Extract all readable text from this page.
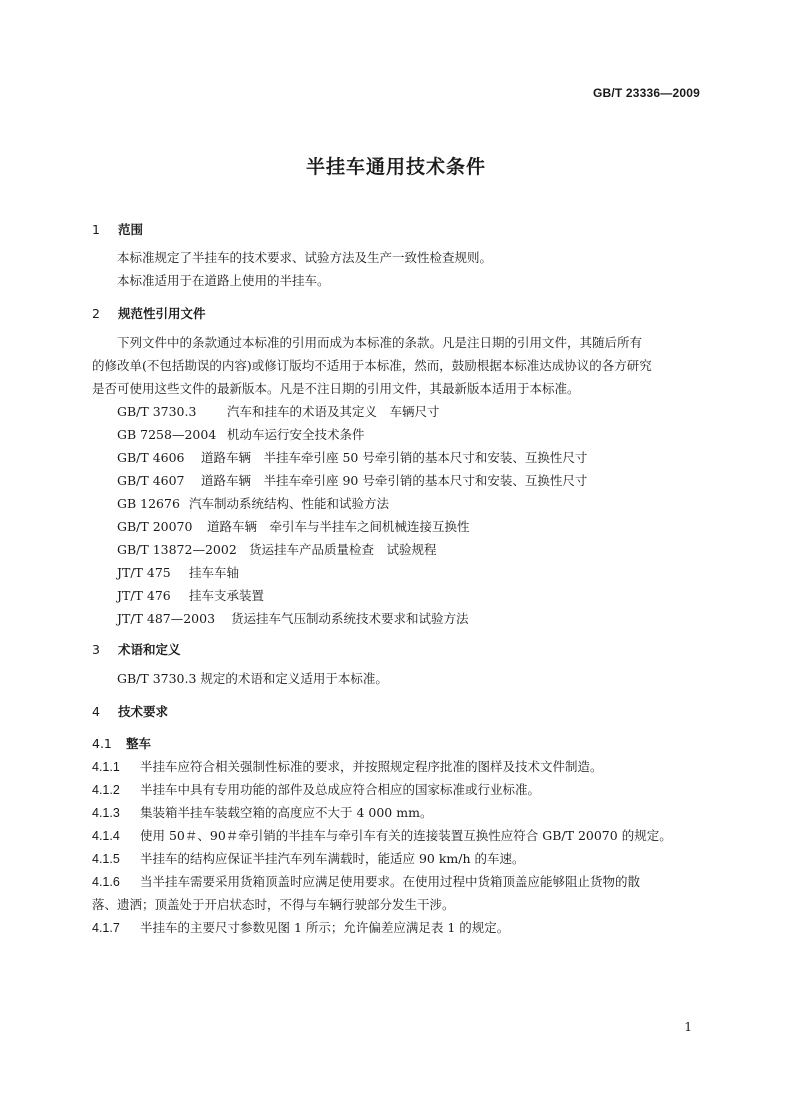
GB/T 23336—2009
半挂车通用技术条件
1 范围
本标准规定了半挂车的技术要求、试验方法及生产一致性检查规则。
本标准适用于在道路上使用的半挂车。
2 规范性引用文件
下列文件中的条款通过本标准的引用而成为本标准的条款。凡是注日期的引用文件，其随后所有
的修改单(不包括勘误的内容)或修订版均不适用于本标准，然而，鼓励根据本标准达成协议的各方研究
是否可使用这些文件的最新版本。凡是不注日期的引用文件，其最新版本适用于本标准。
GB/T 3730.3 汽车和挂车的术语及其定义　车辆尺寸
GB 7258—2004 机动车运行安全技术条件
GB/T 4606 道路车辆　半挂车牵引座 50 号牵引销的基本尺寸和安装、互换性尺寸
GB/T 4607 道路车辆　半挂车牵引座 90 号牵引销的基本尺寸和安装、互换性尺寸
GB 12676 汽车制动系统结构、性能和试验方法
GB/T 20070 道路车辆　牵引车与半挂车之间机械连接互换性
GB/T 13872—2002 货运挂车产品质量检查　试验规程
JT/T 475 挂车车轴
JT/T 476 挂车支承装置
JT/T 487—2003 货运挂车气压制动系统技术要求和试验方法
3 术语和定义
GB/T 3730.3 规定的术语和定义适用于本标准。
4 技术要求
4.1 整车
4.1.1 半挂车应符合相关强制性标准的要求，并按照规定程序批准的图样及技术文件制造。
4.1.2 半挂车中具有专用功能的部件及总成应符合相应的国家标准或行业标准。
4.1.3 集装箱半挂车装载空箱的高度应不大于 4 000 mm。
4.1.4 使用 50＃、90＃牵引销的半挂车与牵引车有关的连接装置互换性应符合 GB/T 20070 的规定。
4.1.5 半挂车的结构应保证半挂汽车列车满载时，能适应 90 km/h 的车速。
4.1.6 当半挂车需要采用货箱顶盖时应满足使用要求。在使用过程中货箱顶盖应能够阻止货物的散
落、遗洒；顶盖处于开启状态时，不得与车辆行驶部分发生干涉。
4.1.7 半挂车的主要尺寸参数见图 1 所示；允许偏差应满足表 1 的规定。
1
